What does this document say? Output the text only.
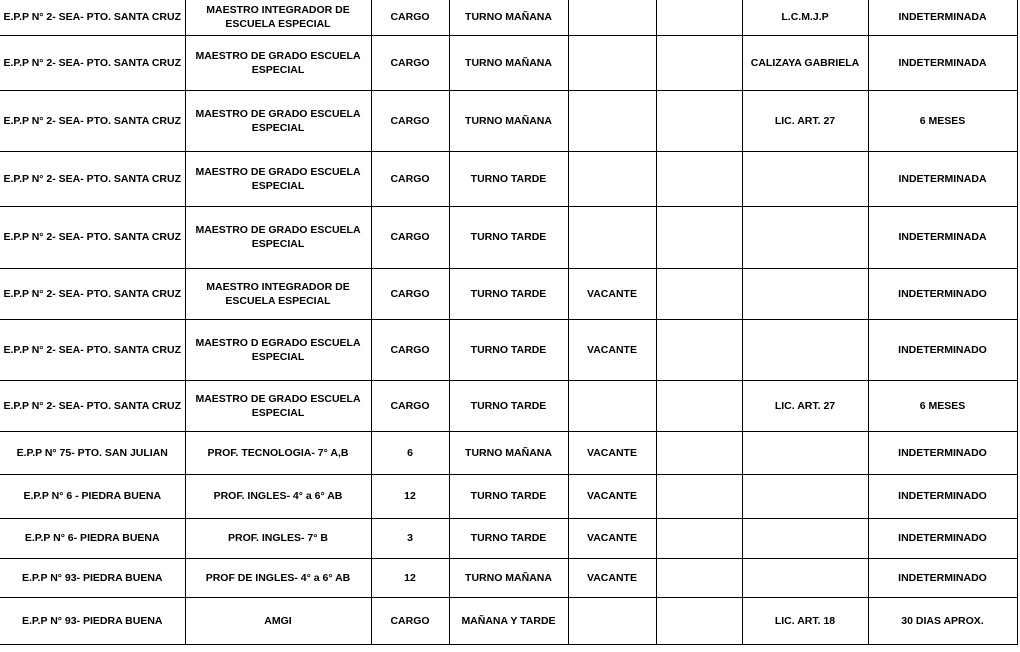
E.P.P N° 2- SEA- PTO. SANTA CRUZ	MAESTRO INTEGRADOR DE ESCUELA ESPECIAL	CARGO	TURNO MAÑANA			L.C.M.J.P	INDETERMINADA
E.P.P N° 2- SEA- PTO. SANTA CRUZ	MAESTRO DE GRADO ESCUELA ESPECIAL	CARGO	TURNO MAÑANA			CALIZAYA GABRIELA	INDETERMINADA
E.P.P N° 2- SEA- PTO. SANTA CRUZ	MAESTRO DE GRADO ESCUELA ESPECIAL	CARGO	TURNO MAÑANA			LIC. ART. 27	6 MESES
E.P.P N° 2- SEA- PTO. SANTA CRUZ	MAESTRO DE GRADO ESCUELA ESPECIAL	CARGO	TURNO TARDE				INDETERMINADA
E.P.P N° 2- SEA- PTO. SANTA CRUZ	MAESTRO DE GRADO ESCUELA ESPECIAL	CARGO	TURNO TARDE				INDETERMINADA
E.P.P N° 2- SEA- PTO. SANTA CRUZ	MAESTRO INTEGRADOR DE ESCUELA ESPECIAL	CARGO	TURNO TARDE	VACANTE			INDETERMINADO
E.P.P N° 2- SEA- PTO. SANTA CRUZ	MAESTRO D EGRADO ESCUELA ESPECIAL	CARGO	TURNO TARDE	VACANTE			INDETERMINADO
E.P.P N° 2- SEA- PTO. SANTA CRUZ	MAESTRO DE GRADO ESCUELA ESPECIAL	CARGO	TURNO TARDE			LIC. ART. 27	6 MESES
E.P.P N° 75- PTO. SAN JULIAN	PROF. TECNOLOGIA- 7° A,B	6	TURNO MAÑANA	VACANTE			INDETERMINADO
E.P.P N° 6 - PIEDRA BUENA	PROF. INGLES- 4° a 6° AB	12	TURNO TARDE	VACANTE			INDETERMINADO
E.P.P N° 6- PIEDRA BUENA	PROF. INGLES- 7° B	3	TURNO TARDE	VACANTE			INDETERMINADO
E.P.P N° 93- PIEDRA BUENA	PROF DE INGLES- 4° a 6° AB	12	TURNO MAÑANA	VACANTE			INDETERMINADO
E.P.P N° 93- PIEDRA BUENA	AMGI	CARGO	MAÑANA Y TARDE			LIC. ART. 18	30 DIAS APROX.
